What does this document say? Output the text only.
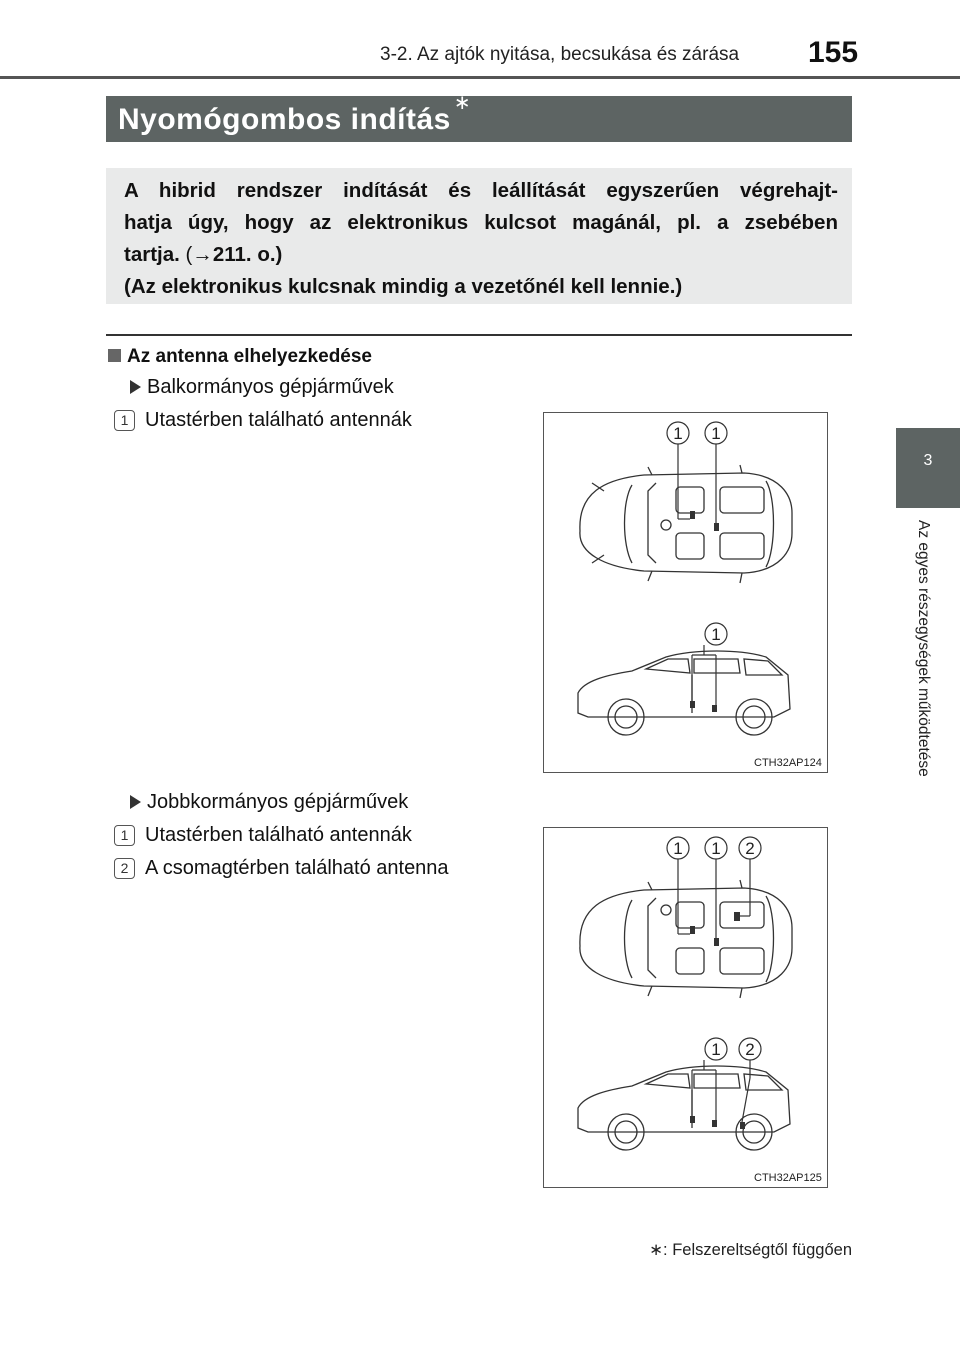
3-2. Az ajtók nyitása, becsukása és zárása 155
Nyomógombos indítás ∗
A hibrid rendszer indítását és leállítását egyszerűen végrehajt-
hatja úgy, hogy az elektronikus kulcsot magánál, pl. a zsebében
tartja. (→211. o.)
(Az elektronikus kulcsnak mindig a vezetőnél kell lennie.)
Az antenna elhelyezkedése
Balkormányos gépjárművek
1 Utastérben található antennák
1 1
1
CTH32AP124
Jobbkormányos gépjárművek
1 Utastérben található antennák
2 A csomagtérben található antenna
1 1 2
1 2
CTH32AP125
3
Az egyes részegységek működtetése
∗: Felszereltségtől függően
